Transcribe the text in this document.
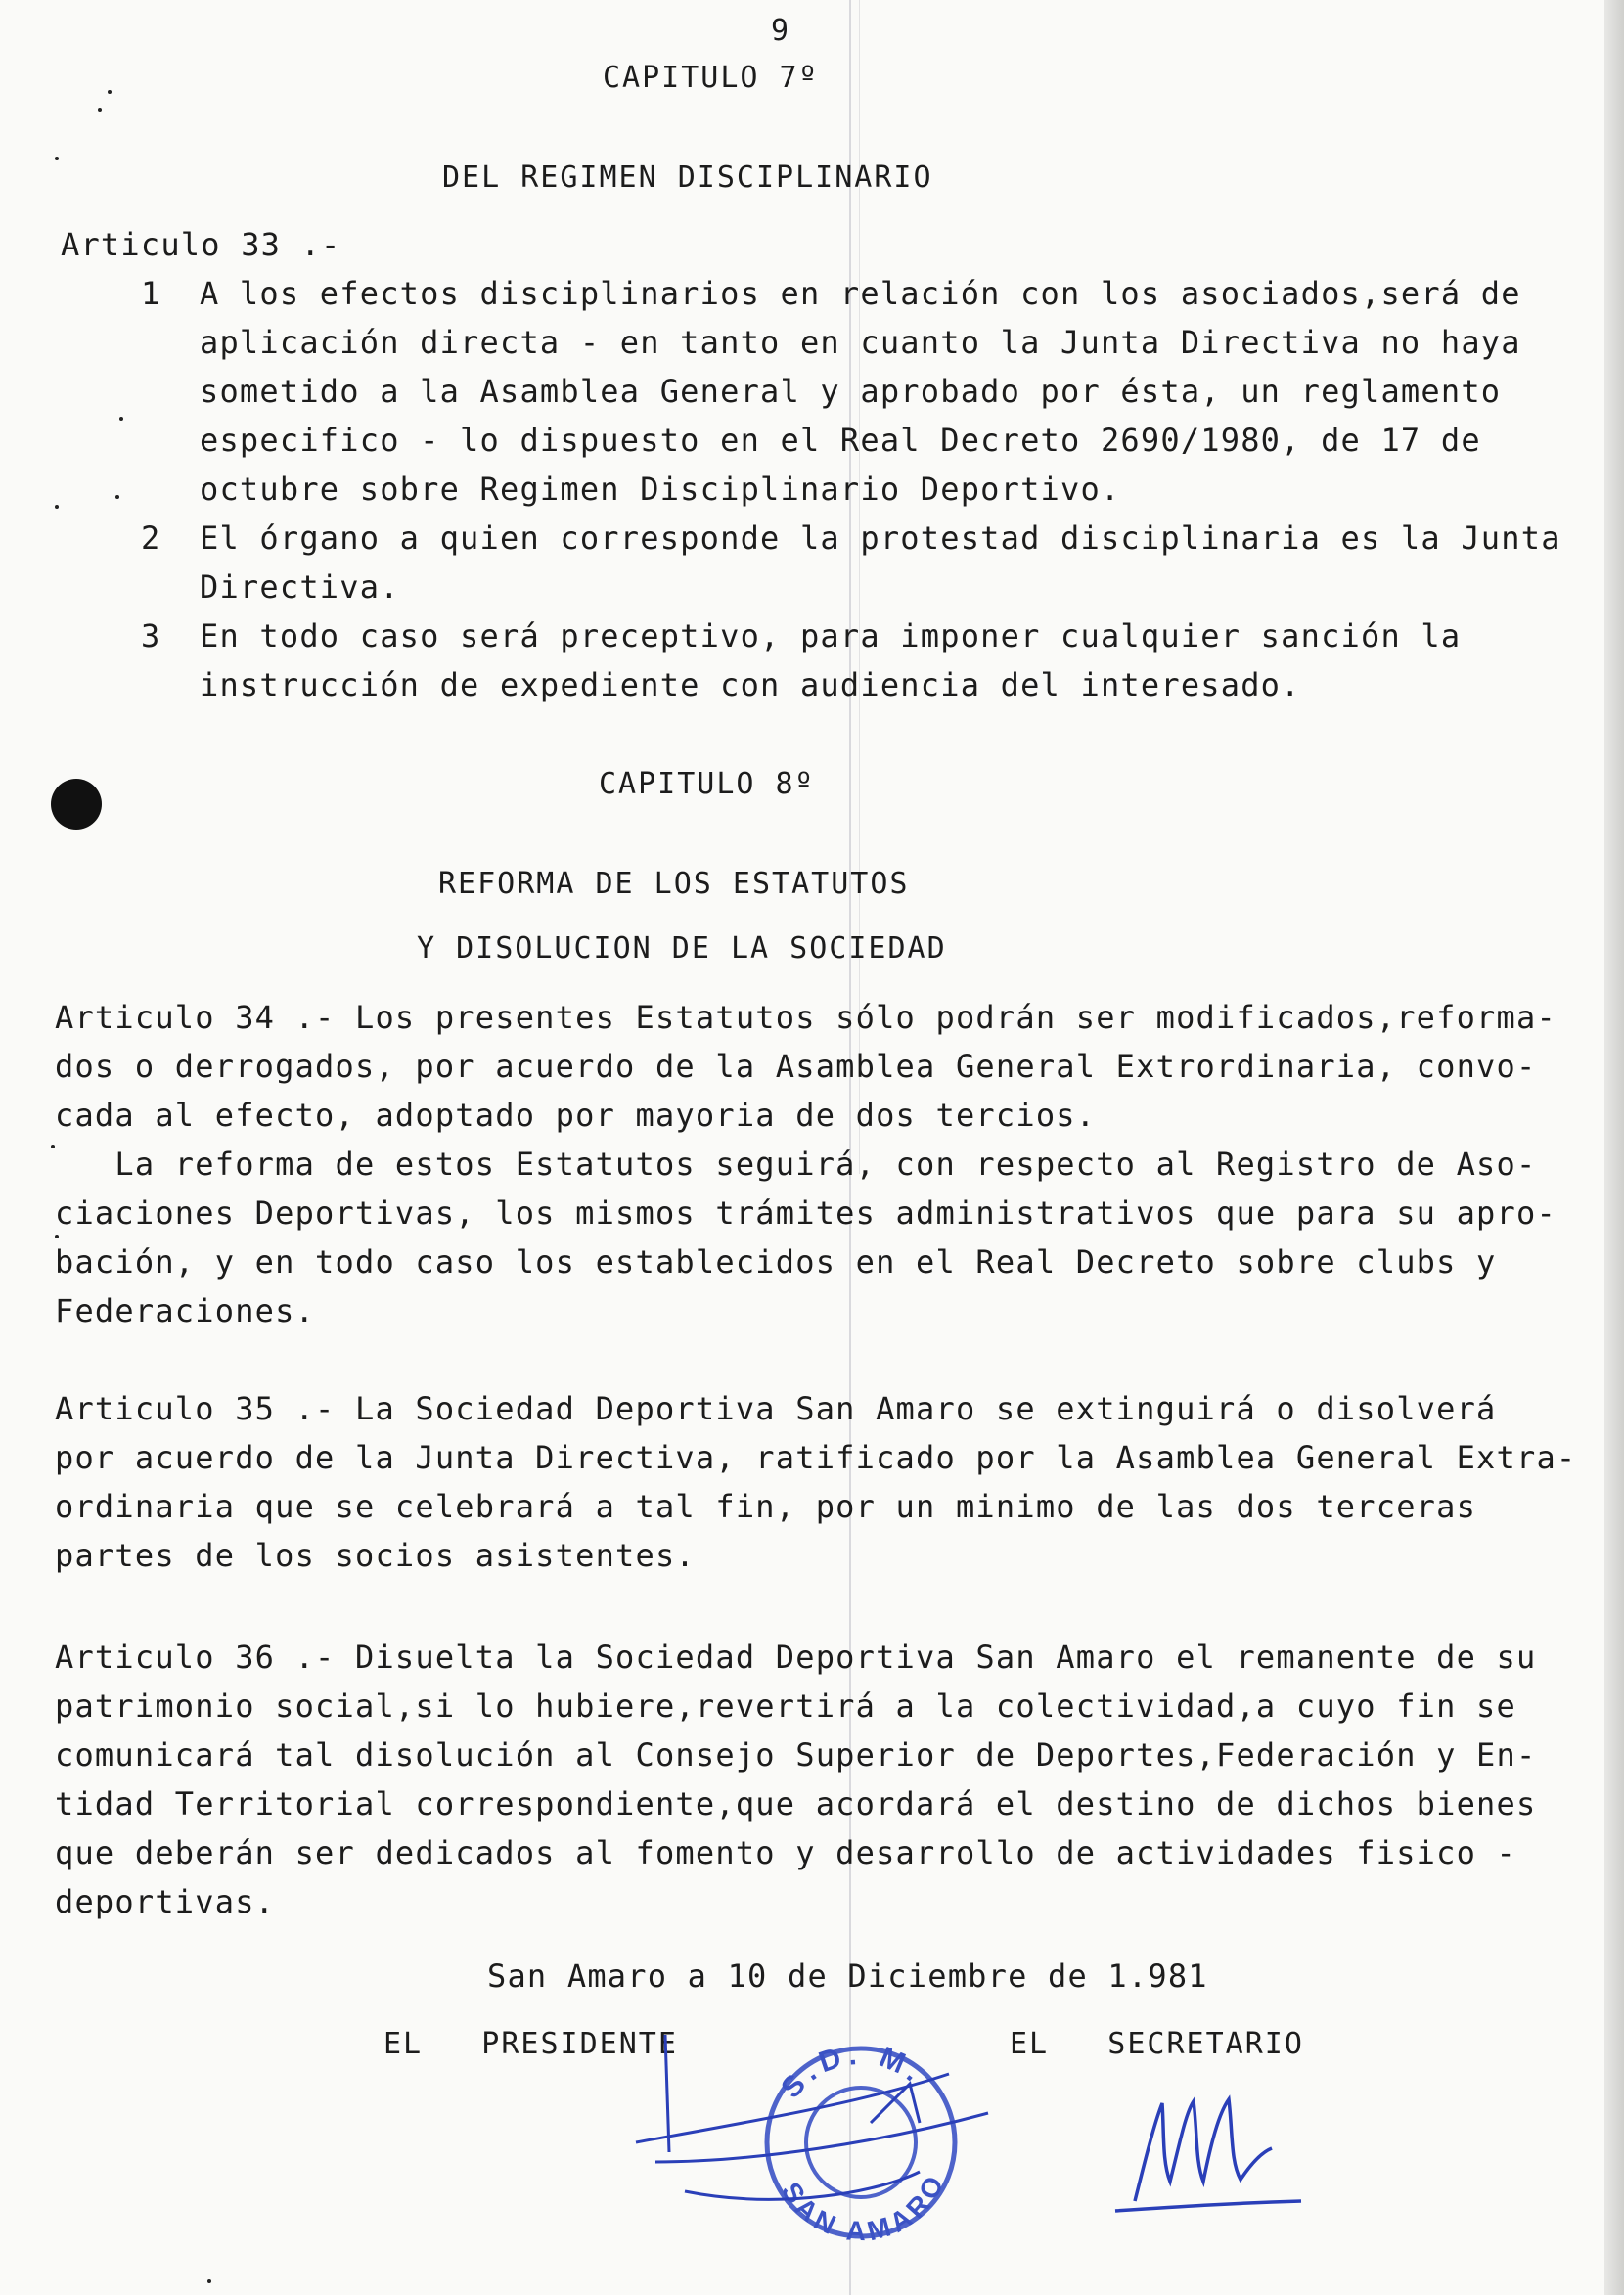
9
CAPITULO 7º
DEL REGIMEN DISCIPLINARIO
Articulo 33 .-
1 A los efectos disciplinarios en relación con los asociados,será de
aplicación directa - en tanto en cuanto la Junta Directiva no haya
sometido a la Asamblea General y aprobado por ésta, un reglamento
especifico - lo dispuesto en el Real Decreto 2690/1980, de 17 de
octubre sobre Regimen Disciplinario Deportivo.
2 El órgano a quien corresponde la protestad disciplinaria es la Junta
Directiva.
3 En todo caso será preceptivo, para imponer cualquier sanción la
instrucción de expediente con audiencia del interesado.
CAPITULO 8º
REFORMA DE LOS ESTATUTOS
Y DISOLUCION DE LA SOCIEDAD
Articulo 34 .- Los presentes Estatutos sólo podrán ser modificados,reforma-
dos o derrogados, por acuerdo de la Asamblea General Extrordinaria, convo-
cada al efecto, adoptado por mayoria de dos tercios.
La reforma de estos Estatutos seguirá, con respecto al Registro de Aso-
ciaciones Deportivas, los mismos trámites administrativos que para su apro-
bación, y en todo caso los establecidos en el Real Decreto sobre clubs y
Federaciones.
Articulo 35 .- La Sociedad Deportiva San Amaro se extinguirá o disolverá
por acuerdo de la Junta Directiva, ratificado por la Asamblea General Extra-
ordinaria que se celebrará a tal fin, por un minimo de las dos terceras
partes de los socios asistentes.
Articulo 36 .- Disuelta la Sociedad Deportiva San Amaro el remanente de su
patrimonio social,si lo hubiere,revertirá a la colectividad,a cuyo fin se
comunicará tal disolución al Consejo Superior de Deportes,Federación y En-
tidad Territorial correspondiente,que acordará el destino de dichos bienes
que deberán ser dedicados al fomento y desarrollo de actividades fisico -
deportivas.
San Amaro a 10 de Diciembre de 1.981
EL   PRESIDENTE	EL   SECRETARIO
S.D. M.
SAN AMARO
